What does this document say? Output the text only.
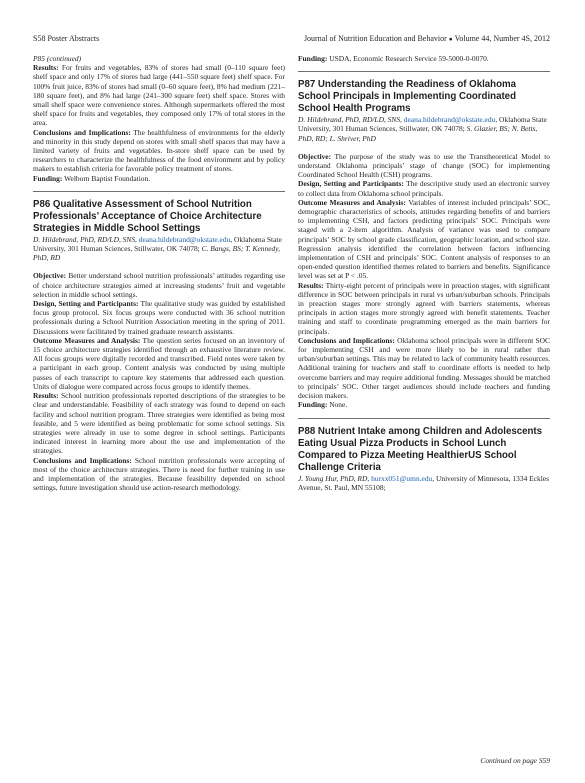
S58 Poster Abstracts	Journal of Nutrition Education and Behavior ● Volume 44, Number 4S, 2012

P85 (continued)

Results: For fruits and vegetables, 83% of stores had small (0–110 square feet) shelf space and only 17% of stores had large (441–550 square feet) shelf space. For 100% fruit juice, 83% of stores had small (0–60 square feet), 8% had medium (221–180 square feet), and 8% had large (241–300 square feet) shelf space. Stores with small shelf space were convenience stores. Although supermarkets offered the most shelf space for fruits and vegetables, they composed only 17% of total stores in the area.

Conclusions and Implications: The healthfulness of environments for the elderly and minority in this study depend on stores with small shelf spaces that may have a limited variety of fruits and vegetables. In-store shelf space can be used by researchers to characterize the healthfulness of the food environment and by policy makers to establish criteria for favorable policy treatment of stores.

Funding: Welborn Baptist Foundation.

P86 Qualitative Assessment of School Nutrition Professionals’ Acceptance of Choice Architecture Strategies in Middle School Settings

D. Hildebrand, PhD, RD/LD, SNS, deana.hildebrand@okstate.edu, Oklahoma State University, 301 Human Sciences, Stillwater, OK 74078; C. Bangs, BS; T. Kennedy, PhD, RD

Objective: Better understand school nutrition professionals’ attitudes regarding use of choice architecture strategies aimed at increasing students’ fruit and vegetable selection in middle school settings.

Design, Setting and Participants: The qualitative study was guided by established focus group protocol. Six focus groups were conducted with 36 school nutrition professionals during a School Nutrition Association meeting in the spring of 2011. Discussions were facilitated by trained graduate research assistants.

Outcome Measures and Analysis: The question series focused on an inventory of 15 choice architecture strategies identified through an exhaustive literature review. All focus groups were digitally recorded and transcribed. Field notes were taken by a participant in each group. Content analysis was conducted by using multiple passes of each transcript to capture key statements that addressed each question. Units of dialogue were compared across focus groups to identify themes.

Results: School nutrition professionals reported descriptions of the strategies to be clear and understandable. Feasibility of each strategy was found to depend on each facility and school nutrition program. Three strategies were identified as being most feasible, and 5 were identified as being problematic for some school settings. Six strategies were already in use to some degree in school settings. Participants indicated interest in learning more about the use and implementation of the strategies.

Conclusions and Implications: School nutrition professionals were accepting of most of the choice architecture strategies. There is need for further training in use and implementation of the strategies. Because feasibility depended on school settings, future investigation should use action-research methodology.

Funding: USDA, Economic Research Service 59-5000-0-0070.

P87 Understanding the Readiness of Oklahoma School Principals in Implementing Coordinated School Health Programs

D. Hildebrand, PhD, RD/LD, SNS, deana.hildebrand@okstate.edu, Oklahoma State University, 301 Human Sciences, Stillwater, OK 74078; S. Glazier, BS; N. Betts, PhD, RD; L. Shriver, PhD

Objective: The purpose of the study was to use the Transtheoretical Model to understand Oklahoma principals’ stage of change (SOC) for implementing Coordinated School Health (CSH) programs.

Design, Setting and Participants: The descriptive study used an electronic survey to collect data from Oklahoma school principals.

Outcome Measures and Analysis: Variables of interest included principals’ SOC, demographic characteristics of schools, attitudes regarding benefits of and barriers to implementing CSH, and factors predicting principals’ SOC. Principals were staged with a 2-item algorithm. Analysis of variance was used to compare principals’ SOC by school grade classification, geographic location, and school size. Regression analysis identified the correlation between factors influencing implementation of CSH and principals’ SOC. Content analysis of responses to an open-ended question identified themes related to barriers and benefits. Significance level was set at P < .05.

Results: Thirty-eight percent of principals were in preaction stages, with significant difference in SOC between principals in rural vs urban/suburban schools. Principals in preaction stages more strongly agreed with barriers statements, whereas principals in action stages more strongly agreed with benefit statements. Teacher training and staff to coordinate programming emerged as the main barriers for principals.

Conclusions and Implications: Oklahoma school principals were in different SOC for implementing CSH and were more likely to be in rural rather than urban/suburban settings. This may be related to lack of community health resources. Additional training for teachers and staff to coordinate efforts is needed to help overcome barriers and may require additional funding. Messages should be matched to principals’ SOC. Other target audiences should include teachers and funding decision makers.

Funding: None.

P88 Nutrient Intake among Children and Adolescents Eating Usual Pizza Products in School Lunch Compared to Pizza Meeting HealthierUS School Challenge Criteria

J. Young Hur, PhD, RD, hurxx051@umn.edu, University of Minnesota, 1334 Eckles Avenue, St. Paul, MN 55108;

Continued on page S59
